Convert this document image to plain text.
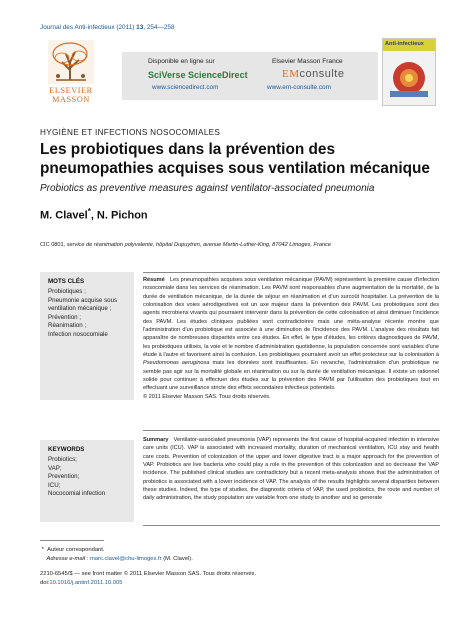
Journal des Anti-infectieux (2011) 13, 254—258
ELSEVIER
MASSON
Disponible en ligne sur
SciVerse ScienceDirect
www.sciencedirect.com
Elsevier Masson France
EMconsulte
www.em-consulte.com
Anti-infectieux
HYGIÈNE ET INFECTIONS NOSOCOMIALES
Les probiotiques dans la prévention des pneumopathies acquises sous ventilation mécanique
Probiotics as preventive measures against ventilator-associated pneumonia
M. Clavel*, N. Pichon
CIC 0801, service de réanimation polyvalente, hôpital Dupuytren, avenue Martin-Luther-King, 87042 Limoges, France
MOTS CLÉS
Probiotiques ;
Pneumonie acquise sous ventilation mécanique ;
Prévention ;
Réanimation ;
Infection nosocomiale
KEYWORDS
Probiotics;
VAP;
Prevention;
ICU;
Nococomial infection
Résumé Les pneumopathies acquises sous ventilation mécanique (PAVM) représentent la première cause d'infection nosocomiale dans les services de réanimation. Les PAVM sont responsables d'une augmentation de la mortalité, de la durée de ventilation mécanique, de la durée de séjour en réanimation et d'un surcoût hospitalier. La prévention de la colonisation des voies aérodigestives est un axe majeur dans la prévention des PAVM. Les probiotiques sont des agents microbiens vivants qui pourraient intervenir dans la prévention de cette colonisation et ainsi diminuer l'incidence des PAVM. Les études cliniques publiées sont contradictoires mais une méta-analyse récente montre que l'administration d'un probiotique est associée à une diminution de l'incidence des PAVM. L'analyse des résultats fait apparaître de nombreuses disparités entre ces études. En effet, le type d'études, les critères diagnostiques de PAVM, les probiotiques utilisés, la voie et le nombre d'administration quotidienne, la population concernée sont variables d'une étude à l'autre et favorisent ainsi la confusion. Les probiotiques pourraient avoir un effet protecteur sur la colonisation à Pseudomonas aeruginosa mais les données sont insuffisantes. En revanche, l'administration d'un probiotique ne semble pas agir sur la mortalité globale en réanimation ou sur la durée de ventilation mécanique. Il existe un rationnel solide pour continuer à effectuer des études sur la prévention des PAVM par l'utilisation des probiotiques tout en effectuant une surveillance stricte des effets secondaires infectieux potentiels.
© 2011 Elsevier Masson SAS. Tous droits réservés.
Summary Ventilator-associated pneumonia (VAP) represents the first cause of hospital-acquired infection in intensive care units (ICU). VAP is associated with increased mortality, duration of mechanical ventilation, ICU stay and health care costs. Prevention of colonization of the upper and lower digestive tract is a major approach for the prevention of VAP. Probiotics are live bacteria who could play a role in the prevention of this colonization and so decrease the VAP incidence. The published clinical studies are contradictory but a recent meta-analysis shows that the administration of probiotics is associated with a lower incidence of VAP. The analysis of the results highlights several disparities between these studies. Indeed, the type of studies, the diagnostic criteria of VAP, the used probiotics, the route and number of daily administration, the study population are variable from one study to another and so generate
* Auteur correspondant.
Adresse e-mail : marc.clavel@chu-limoges.fr (M. Clavel).
2210-6545/$ — see front matter © 2011 Elsevier Masson SAS. Tous droits réservés.
doi:10.1016/j.antinf.2011.10.005
